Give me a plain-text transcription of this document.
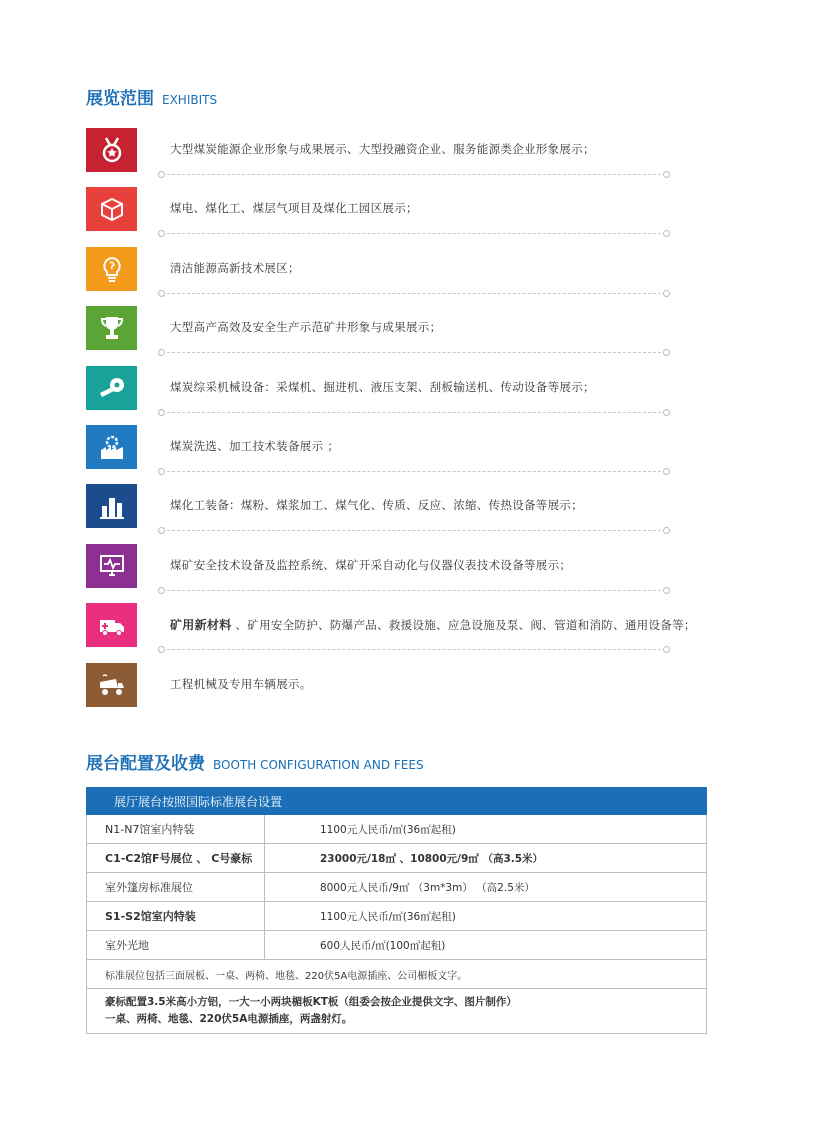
展览范围 EXHIBITS
大型煤炭能源企业形象与成果展示、大型投融资企业、服务能源类企业形象展示；
煤电、煤化工、煤层气项目及煤化工园区展示；
清洁能源高新技术展区；
大型高产高效及安全生产示范矿井形象与成果展示；
煤炭综采机械设备：采煤机、掘进机、液压支架、刮板输送机、传动设备等展示；
煤炭洗选、加工技术装备展示 ；
煤化工装备：煤粉、煤浆加工、煤气化、传质、反应、浓缩、传热设备等展示；
煤矿安全技术设备及监控系统、煤矿开采自动化与仪器仪表技术设备等展示；
矿用新材料 、矿用安全防护、防爆产品、救援设施、应急设施及泵、阀、管道和消防、通用设备等；
工程机械及专用车辆展示。
展台配置及收费 BOOTH CONFIGURATION AND FEES
展厅展台按照国际标准展台设置
N1-N7馆室内特装	1100元人民币/㎡(36㎡起租)
C1-C2馆F号展位 、 C号豪标	23000元/18㎡ 、10800元/9㎡ （高3.5米）
室外篷房标准展位	8000元人民币/9㎡ （3m*3m） （高2.5米）
S1-S2馆室内特装	1100元人民币/㎡(36㎡起租)
室外光地	600人民币/㎡(100㎡起租)
标准展位包括三面展板、一桌、两椅、地毯、220伏5A电源插座、公司楣板文字。
豪标配置3.5米高小方铝，一大一小两块楣板KT板（组委会按企业提供文字、图片制作）
一桌、两椅、地毯、220伏5A电源插座，两盏射灯。
